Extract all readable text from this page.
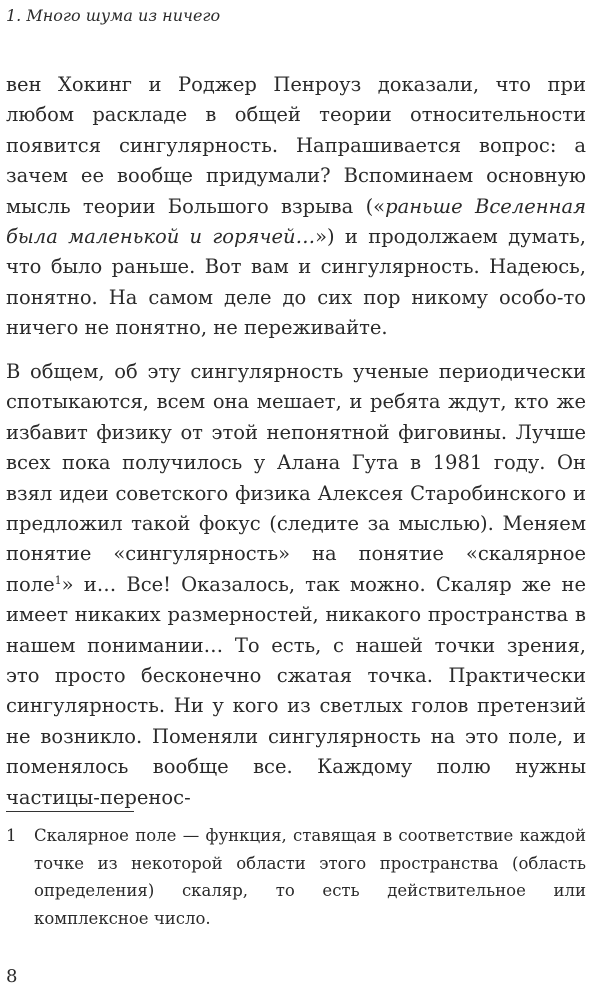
1. Много шума из ничего

вен Хокинг и Роджер Пенроуз доказали, что при любом раскладе в общей теории относительности появится сингулярность. Напрашивается вопрос: а зачем ее вообще придумали? Вспоминаем основную мысль теории Большого взрыва («раньше Вселенная была маленькой и горячей…») и продолжаем думать, что было раньше. Вот вам и сингулярность. Надеюсь, понятно. На самом деле до сих пор никому особо-то ничего не понятно, не переживайте.

В общем, об эту сингулярность ученые периодически спотыкаются, всем она мешает, и ребята ждут, кто же избавит физику от этой непонятной фиговины. Лучше всех пока получилось у Алана Гута в 1981 году. Он взял идеи советского физика Алексея Старобинского и предложил такой фокус (следите за мыслью). Меняем понятие «сингулярность» на понятие «скалярное поле$^1$» и… Все! Оказалось, так можно. Скаляр же не имеет никаких размерностей, никакого пространства в нашем понимании… То есть, с нашей точки зрения, это просто бесконечно сжатая точка. Практически сингулярность. Ни у кого из светлых голов претензий не возникло. Поменяли сингулярность на это поле, и поменялось вообще все. Каждому полю нужны частицы-перенос-

1	Скалярное поле — функция, ставящая в соответствие каждой точке из некоторой области этого пространства (область определения) скаляр, то есть действительное или комплексное число.
8
